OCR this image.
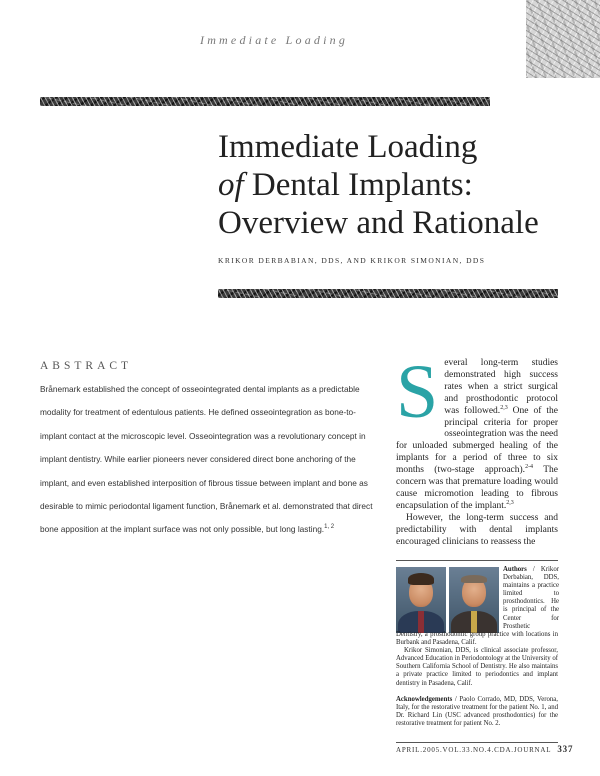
Immediate Loading
Immediate Loading
of Dental Implants:
Overview and Rationale
KRIKOR DERBABIAN, DDS, AND KRIKOR SIMONIAN, DDS
ABSTRACT

Brånemark established the concept of osseointegrated dental implants as a predictable modality for treatment of edentulous patients. He defined osseointegration as bone-to-implant contact at the microscopic level. Osseointegration was a revolutionary concept in implant dentistry. While earlier pioneers never considered direct bone anchoring of the implant, and even established interposition of fibrous tissue between implant and bone as desirable to mimic periodontal ligament function, Brånemark et al. demonstrated that direct bone apposition at the implant surface was not only possible, but long lasting.$^{1, 2}$

Several long-term studies demonstrated high success rates when a strict surgical and prosthodontic protocol was followed.$^{2,3}$ One of the principal criteria for proper osseointegration was the need for unloaded submerged healing of the implants for a period of three to six months (two-stage approach).$^{2-4}$ The concern was that premature loading would cause micromotion leading to fibrous encapsulation of the implant.$^{2,3}$

However, the long-term success and predictability with dental implants encouraged clinicians to reassess the

Authors / Krikor Derbabian, DDS, maintains a practice limited to prosthodontics. He is principal of the Center for Prosthetic

Dentistry, a prosthodontic group practice with locations in Burbank and Pasadena, Calif.

Krikor Simonian, DDS, is clinical associate professor, Advanced Education in Periodontology at the University of Southern California School of Dentistry. He also maintains a private practice limited to periodontics and implant dentistry in Pasadena, Calif.

Acknowledgements / Paolo Corrado, MD, DDS, Verona, Italy, for the restorative treatment for the patient No. 1, and Dr. Richard Lin (USC advanced prosthodontics) for the restorative treatment for patient No. 2.

APRIL.2005.VOL.33.NO.4.CDA.JOURNAL 337
